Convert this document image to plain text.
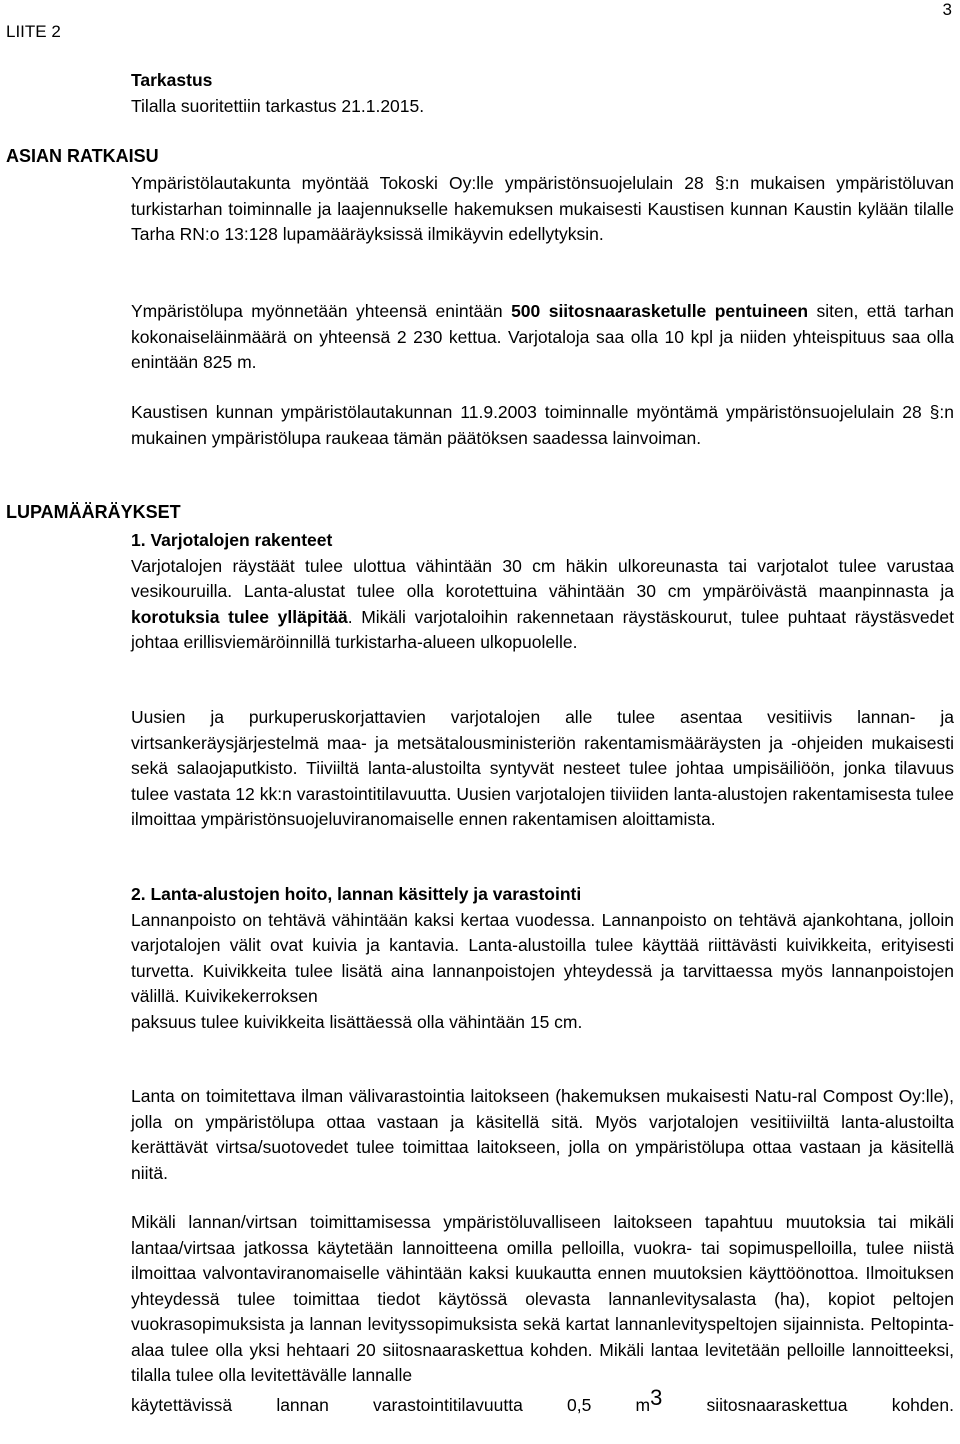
LIITE 2
3
Tarkastus
Tilalla suoritettiin tarkastus 21.1.2015.
ASIAN RATKAISU

Ympäristölautakunta myöntää Tokoski Oy:lle ympäristönsuojelulain 28 §:n mukaisen ympäristöluvan turkistarhan toiminnalle ja laajennukselle hakemuksen mukaisesti Kaustisen kunnan Kaustin kylään tilalle Tarha RN:o 13:128 lupamääräyksissä ilmikäyvin edellytyksin.

Ympäristölupa myönnetään yhteensä enintään 500 siitosnaarasketulle pentuineen siten, että tarhan kokonaiseläinmäärä on yhteensä 2 230 kettua. Varjotaloja saa olla 10 kpl ja niiden yhteispituus saa olla enintään 825 m.

Kaustisen kunnan ympäristölautakunnan 11.9.2003 toiminnalle myöntämä ympäristönsuojelulain 28 §:n mukainen ympäristölupa raukeaa tämän päätöksen saadessa lainvoiman.

LUPAMÄÄRÄYKSET
1. Varjotalojen rakenteet

Varjotalojen räystäät tulee ulottua vähintään 30 cm häkin ulkoreunasta tai varjotalot tulee varustaa vesikouruilla. Lanta-alustat tulee olla korotettuina vähintään 30 cm ympäröivästä maanpinnasta ja korotuksia tulee ylläpitää. Mikäli varjotaloihin rakennetaan räystäskourut, tulee puhtaat räystäsvedet johtaa erillisviemäröinnillä turkistarha-alueen ulkopuolelle.

Uusien ja purkuperuskorjattavien varjotalojen alle tulee asentaa vesitiivis lannan- ja virtsankeräysjärjestelmä maa- ja metsätalousministeriön rakentamismääräysten ja -ohjeiden mukaisesti sekä salaojaputkisto. Tiiviiltä lanta-alustoilta syntyvät nesteet tulee johtaa umpisäiliöön, jonka tilavuus tulee vastata 12 kk:n varastointitilavuutta. Uusien varjotalojen tiiviiden lanta-alustojen rakentamisesta tulee ilmoittaa ympäristönsuojeluviranomaiselle ennen rakentamisen aloittamista.

2. Lanta-alustojen hoito, lannan käsittely ja varastointi

Lannanpoisto on tehtävä vähintään kaksi kertaa vuodessa. Lannanpoisto on tehtävä ajankohtana, jolloin varjotalojen välit ovat kuivia ja kantavia. Lanta-alustoilla tulee käyttää riittävästi kuivikkeita, erityisesti turvetta. Kuivikkeita tulee lisätä aina lannanpoistojen yhteydessä ja tarvittaessa myös lannanpoistojen välillä. Kuivikekerroksen

paksuus tulee kuivikkeita lisättäessä olla vähintään 15 cm.

Lanta on toimitettava ilman välivarastointia laitokseen (hakemuksen mukaisesti Natu-ral Compost Oy:lle), jolla on ympäristölupa ottaa vastaan ja käsitellä sitä. Myös varjotalojen vesitiiviiltä lanta-alustoilta kerättävät virtsa/suotovedet tulee toimittaa laitokseen, jolla on ympäristölupa ottaa vastaan ja käsitellä niitä.

Mikäli lannan/virtsan toimittamisessa ympäristöluvalliseen laitokseen tapahtuu muutoksia tai mikäli lantaa/virtsaa jatkossa käytetään lannoitteena omilla pelloilla, vuokra- tai sopimuspelloilla, tulee niistä ilmoittaa valvontaviranomaiselle vähintään kaksi kuukautta ennen muutoksien käyttöönottoa. Ilmoituksen yhteydessä tulee toimittaa tiedot käytössä olevasta lannanlevitysalasta (ha), kopiot peltojen vuokrasopimuksista ja lannan levityssopimuksista sekä kartat lannanlevityspeltojen sijainnista. Peltopinta-alaa tulee olla yksi hehtaari 20 siitosnaaraskettua kohden. Mikäli lantaa levitetään pelloille lannoitteeksi, tilalla tulee olla levitettävälle lannalle

käytettävissä	lannan	varastointitilavuutta	0,5	m3	siitosnaaraskettua	kohden.
